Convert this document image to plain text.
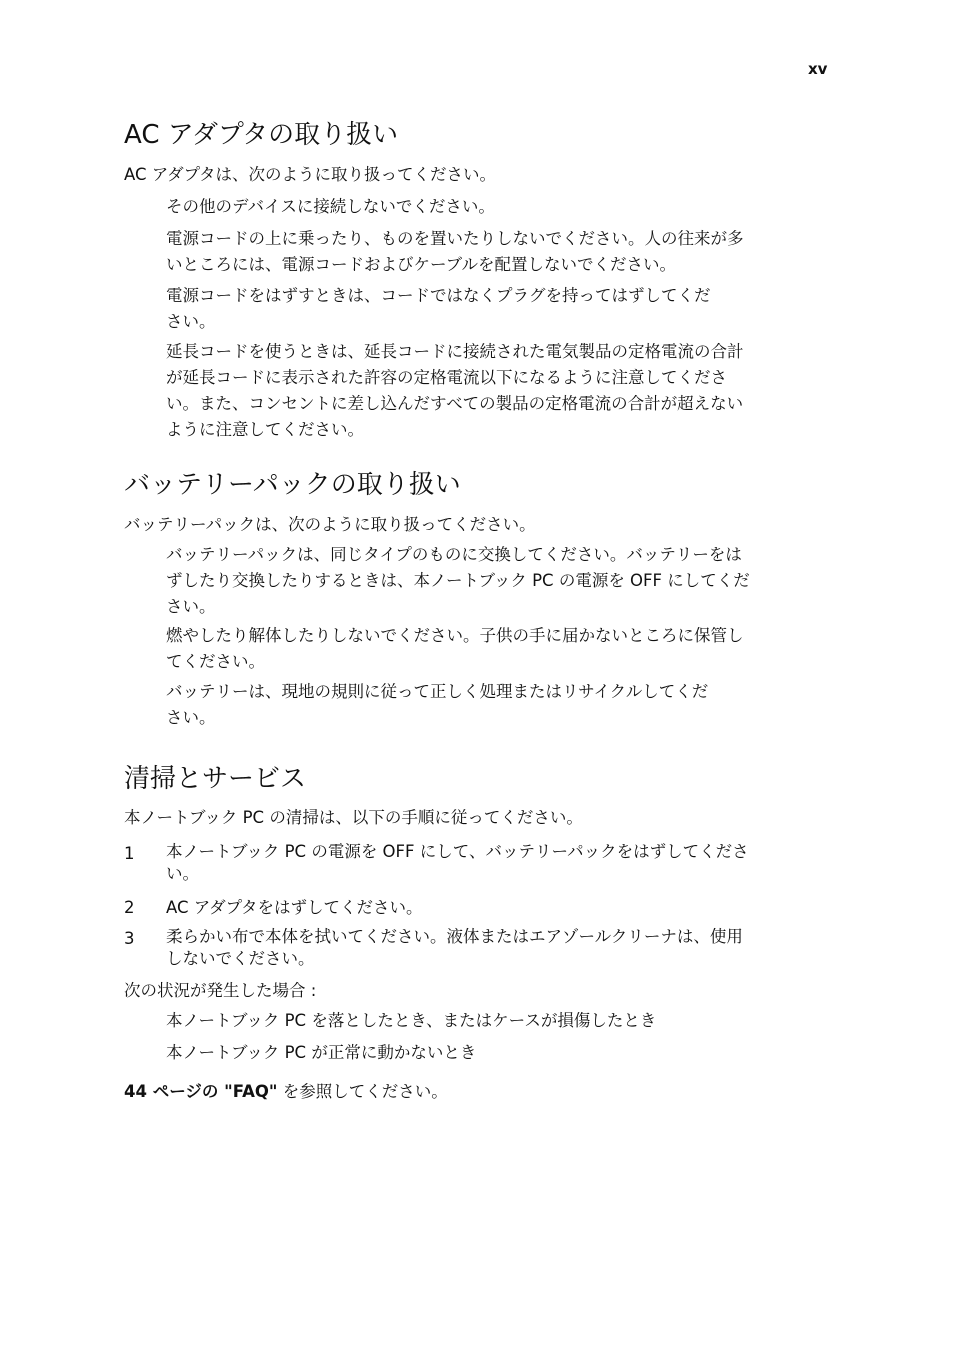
xv
AC アダプタの取り扱い

AC アダプタは、次のように取り扱ってください。

その他のデバイスに接続しないでください。
電源コードの上に乗ったり、ものを置いたりしないでください。人の往来が多
いところには、電源コードおよびケーブルを配置しないでください。
電源コードをはずすときは、コードではなくプラグを持ってはずしてくだ
さい。
延長コードを使うときは、延長コードに接続された電気製品の定格電流の合計
が延長コードに表示された許容の定格電流以下になるように注意してくださ
い。また、コンセントに差し込んだすべての製品の定格電流の合計が超えない
ように注意してください。
バッテリーパックの取り扱い

バッテリーパックは、次のように取り扱ってください。

バッテリーパックは、同じタイプのものに交換してください。バッテリーをは
ずしたり交換したりするときは、本ノートブック PC の電源を OFF にしてくだ
さい。
燃やしたり解体したりしないでください。子供の手に届かないところに保管し
てください。
バッテリーは、現地の規則に従って正しく処理またはリサイクルしてくだ
さい。
清掃とサービス

本ノートブック PC の清掃は、以下の手順に従ってください。

1 本ノートブック PC の電源を OFF にして、バッテリーパックをはずしてくださ
い。
2 AC アダプタをはずしてください。
3 柔らかい布で本体を拭いてください。液体またはエアゾールクリーナは、使用
しないでください。

次の状況が発生した場合 :

本ノートブック PC を落としたとき、またはケースが損傷したとき
本ノートブック PC が正常に動かないとき

44 ページの "FAQ" を参照してください。
